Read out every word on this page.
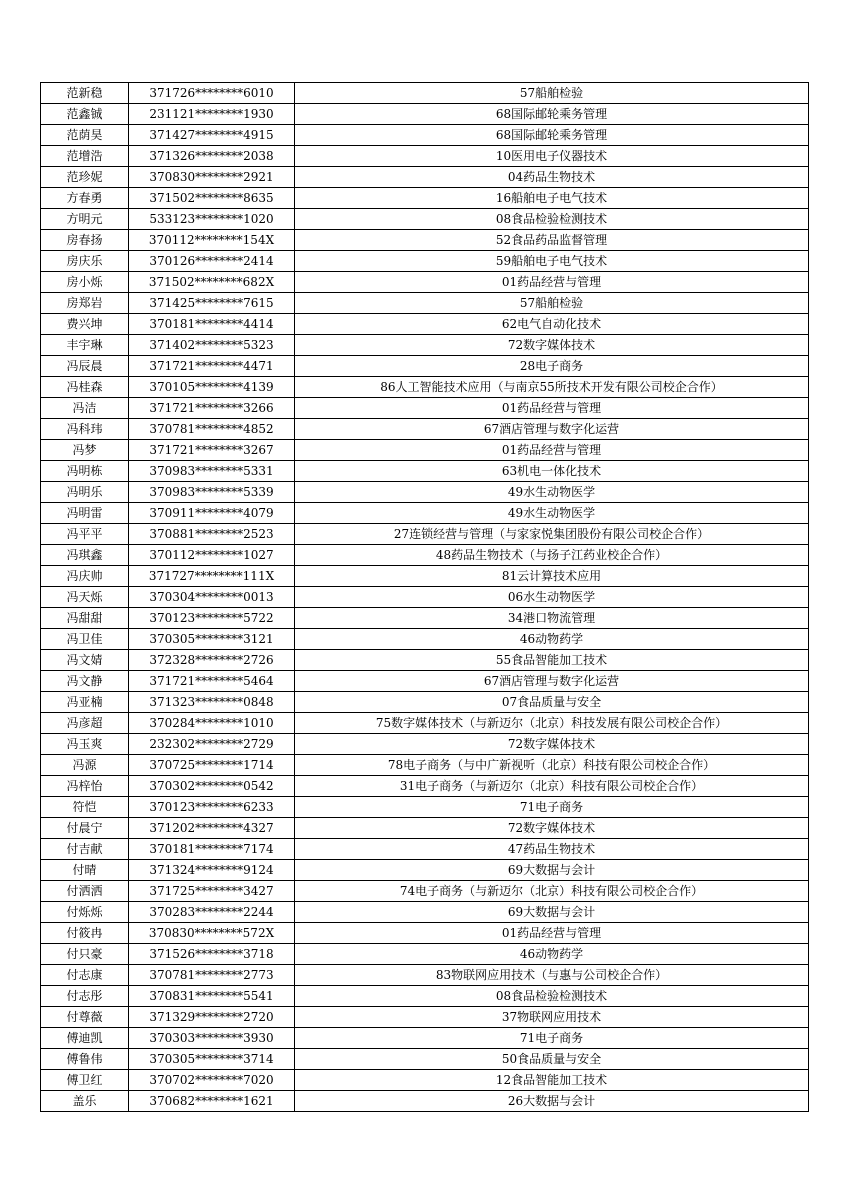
范新稳	371726********6010	57船舶检验
范鑫铖	231121********1930	68国际邮轮乘务管理
范荫昊	371427********4915	68国际邮轮乘务管理
范增浩	371326********2038	10医用电子仪器技术
范珍妮	370830********2921	04药品生物技术
方春勇	371502********8635	16船舶电子电气技术
方明元	533123********1020	08食品检验检测技术
房春扬	370112********154X	52食品药品监督管理
房庆乐	370126********2414	59船舶电子电气技术
房小烁	371502********682X	01药品经营与管理
房郑岩	371425********7615	57船舶检验
费兴坤	370181********4414	62电气自动化技术
丰宇琳	371402********5323	72数字媒体技术
冯辰晨	371721********4471	28电子商务
冯桂森	370105********4139	86人工智能技术应用（与南京55所技术开发有限公司校企合作）
冯洁	371721********3266	01药品经营与管理
冯科玮	370781********4852	67酒店管理与数字化运营
冯梦	371721********3267	01药品经营与管理
冯明栋	370983********5331	63机电一体化技术
冯明乐	370983********5339	49水生动物医学
冯明雷	370911********4079	49水生动物医学
冯平平	370881********2523	27连锁经营与管理（与家家悦集团股份有限公司校企合作）
冯琪鑫	370112********1027	48药品生物技术（与扬子江药业校企合作）
冯庆帅	371727********111X	81云计算技术应用
冯天烁	370304********0013	06水生动物医学
冯甜甜	370123********5722	34港口物流管理
冯卫佳	370305********3121	46动物药学
冯文婧	372328********2726	55食品智能加工技术
冯文静	371721********5464	67酒店管理与数字化运营
冯亚楠	371323********0848	07食品质量与安全
冯彦超	370284********1010	75数字媒体技术（与新迈尔（北京）科技发展有限公司校企合作）
冯玉爽	232302********2729	72数字媒体技术
冯源	370725********1714	78电子商务（与中广新视听（北京）科技有限公司校企合作）
冯梓怡	370302********0542	31电子商务（与新迈尔（北京）科技有限公司校企合作）
符恺	370123********6233	71电子商务
付晨宁	371202********4327	72数字媒体技术
付吉献	370181********7174	47药品生物技术
付晴	371324********9124	69大数据与会计
付洒洒	371725********3427	74电子商务（与新迈尔（北京）科技有限公司校企合作）
付烁烁	370283********2244	69大数据与会计
付筱冉	370830********572X	01药品经营与管理
付只豪	371526********3718	46动物药学
付志康	370781********2773	83物联网应用技术（与惠与公司校企合作）
付志彤	370831********5541	08食品检验检测技术
付尊薇	371329********2720	37物联网应用技术
傅迪凯	370303********3930	71电子商务
傅鲁伟	370305********3714	50食品质量与安全
傅卫红	370702********7020	12食品智能加工技术
盖乐	370682********1621	26大数据与会计
